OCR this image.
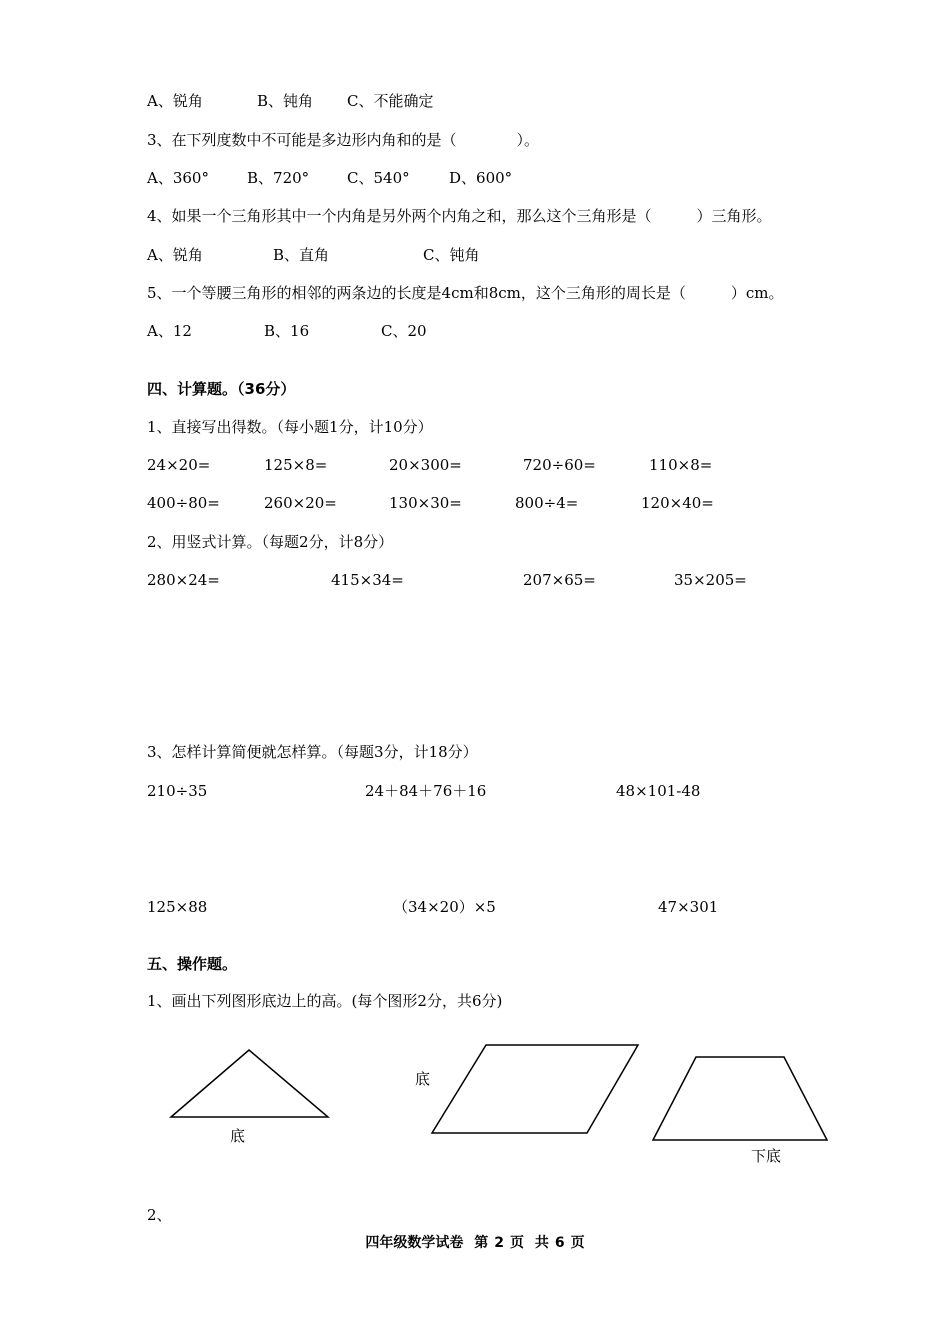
A、锐角	B、钝角 C、不能确定
3、在下列度数中不可能是多边形内角和的是（　　　　）。
A、360°	B、720°	C、540°	D、600°
4、如果一个三角形其中一个内角是另外两个内角之和，那么这个三角形是（　　　）三角形。
A、锐角	B、直角	C、钝角
5、一个等腰三角形的相邻的两条边的长度是4cm和8cm，这个三角形的周长是（　　　）cm。
A、12	B、16	C、20
四、计算题。（36分）
1、直接写出得数。（每小题1分，计10分）
24×20=	125×8=	20×300=	720÷60=	110×8=
400÷80=	260×20=	130×30=	800÷4=	120×40=
2、用竖式计算。（每题2分，计8分）
280×24=	415×34=	207×65=	35×205=
3、怎样计算简便就怎样算。（每题3分，计18分）
210÷35	24＋84＋76＋16	48×101-48
125×88	（34×20）×5	47×301
五、操作题。
1、画出下列图形底边上的高。(每个图形2分，共6分)
底
底
下底
2、
四年级数学试卷 第 2 页 共 6 页
